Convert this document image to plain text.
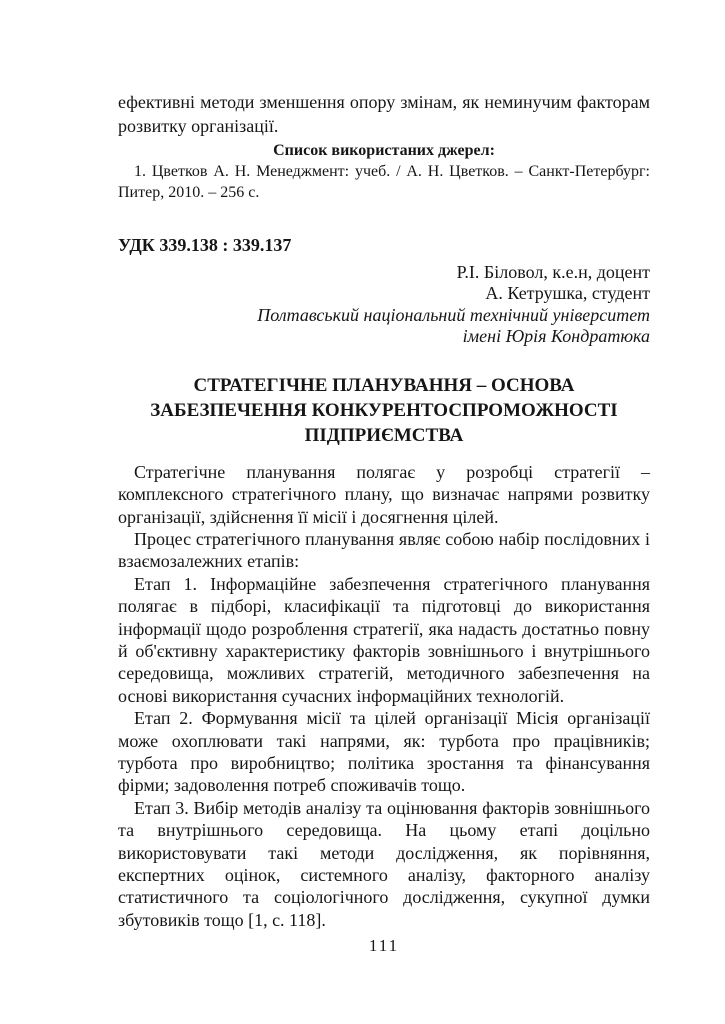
ефективні методи зменшення опору змінам, як неминучим факторам розвитку організації.

Список використаних джерел:

1. Цветков А. Н. Менеджмент: учеб. / А. Н. Цветков. – Санкт-Петербург: Питер, 2010. – 256 с.

УДК 339.138 : 339.137

Р.І. Біловол, к.е.н, доцент
А. Кетрушка, студент
Полтавський національний технічний університет
імені Юрія Кондратюка
СТРАТЕГІЧНЕ ПЛАНУВАННЯ – ОСНОВА
ЗАБЕЗПЕЧЕННЯ КОНКУРЕНТОСПРОМОЖНОСТІ
ПІДПРИЄМСТВА

Стратегічне планування полягає у розробці стратегії – комплексного стратегічного плану, що визначає напрями розвитку організації, здійснення її місії і досягнення цілей.

Процес стратегічного планування являє собою набір послідовних і взаємозалежних етапів:

Етап 1. Інформаційне забезпечення стратегічного планування полягає в підборі, класифікації та підготовці до використання інформації щодо розроблення стратегії, яка надасть достатньо повну й об'єктивну характеристику факторів зовнішнього і внутрішнього середовища, можливих стратегій, методичного забезпечення на основі використання сучасних інформаційних технологій.

Етап 2. Формування місії та цілей організації Місія організації може охоплювати такі напрями, як: турбота про працівників; турбота про виробництво; політика зростання та фінансування фірми; задоволення потреб споживачів тощо.

Етап 3. Вибір методів аналізу та оцінювання факторів зовнішнього та внутрішнього середовища. На цьому етапі доцільно використовувати такі методи дослідження, як порівняння, експертних оцінок, системного аналізу, факторного аналізу статистичного та соціологічного дослідження, сукупної думки збутовиків тощо [1, с. 118].

111
